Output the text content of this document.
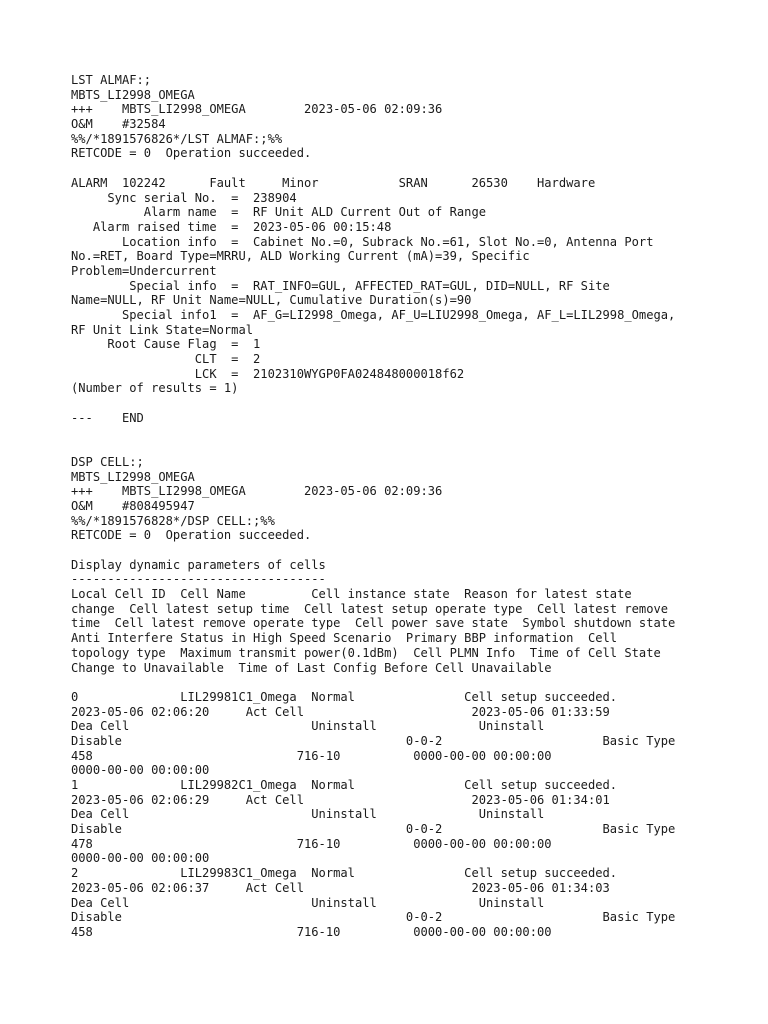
LST ALMAF:;
MBTS_LI2998_OMEGA
+++    MBTS_LI2998_OMEGA        2023-05-06 02:09:36
O&M    #32584
%%/*1891576826*/LST ALMAF:;%%
RETCODE = 0  Operation succeeded.
ALARM  102242      Fault     Minor           SRAN      26530    Hardware
Sync serial No.  =  238904
Alarm name  =  RF Unit ALD Current Out of Range
Alarm raised time  =  2023-05-06 00:15:48
Location info  =  Cabinet No.=0, Subrack No.=61, Slot No.=0, Antenna Port
No.=RET, Board Type=MRRU, ALD Working Current (mA)=39, Specific
Problem=Undercurrent
Special info  =  RAT_INFO=GUL, AFFECTED_RAT=GUL, DID=NULL, RF Site
Name=NULL, RF Unit Name=NULL, Cumulative Duration(s)=90
Special info1  =  AF_G=LI2998_Omega, AF_U=LIU2998_Omega, AF_L=LIL2998_Omega,
RF Unit Link State=Normal
Root Cause Flag  =  1
CLT  =  2
LCK  =  2102310WYGP0FA024848000018f62
(Number of results = 1)
---    END
DSP CELL:;
MBTS_LI2998_OMEGA
+++    MBTS_LI2998_OMEGA        2023-05-06 02:09:36
O&M    #808495947
%%/*1891576828*/DSP CELL:;%%
RETCODE = 0  Operation succeeded.
Display dynamic parameters of cells
-----------------------------------
Local Cell ID  Cell Name         Cell instance state  Reason for latest state
change  Cell latest setup time  Cell latest setup operate type  Cell latest remove
time  Cell latest remove operate type  Cell power save state  Symbol shutdown state
Anti Interfere Status in High Speed Scenario  Primary BBP information  Cell
topology type  Maximum transmit power(0.1dBm)  Cell PLMN Info  Time of Cell State
Change to Unavailable  Time of Last Config Before Cell Unavailable
0              LIL29981C1_Omega  Normal               Cell setup succeeded.
2023-05-06 02:06:20     Act Cell                       2023-05-06 01:33:59
Dea Cell                         Uninstall              Uninstall
Disable                                       0-0-2                      Basic Type
458                            716-10          0000-00-00 00:00:00
0000-00-00 00:00:00
1              LIL29982C1_Omega  Normal               Cell setup succeeded.
2023-05-06 02:06:29     Act Cell                       2023-05-06 01:34:01
Dea Cell                         Uninstall              Uninstall
Disable                                       0-0-2                      Basic Type
478                            716-10          0000-00-00 00:00:00
0000-00-00 00:00:00
2              LIL29983C1_Omega  Normal               Cell setup succeeded.
2023-05-06 02:06:37     Act Cell                       2023-05-06 01:34:03
Dea Cell                         Uninstall              Uninstall
Disable                                       0-0-2                      Basic Type
458                            716-10          0000-00-00 00:00:00
